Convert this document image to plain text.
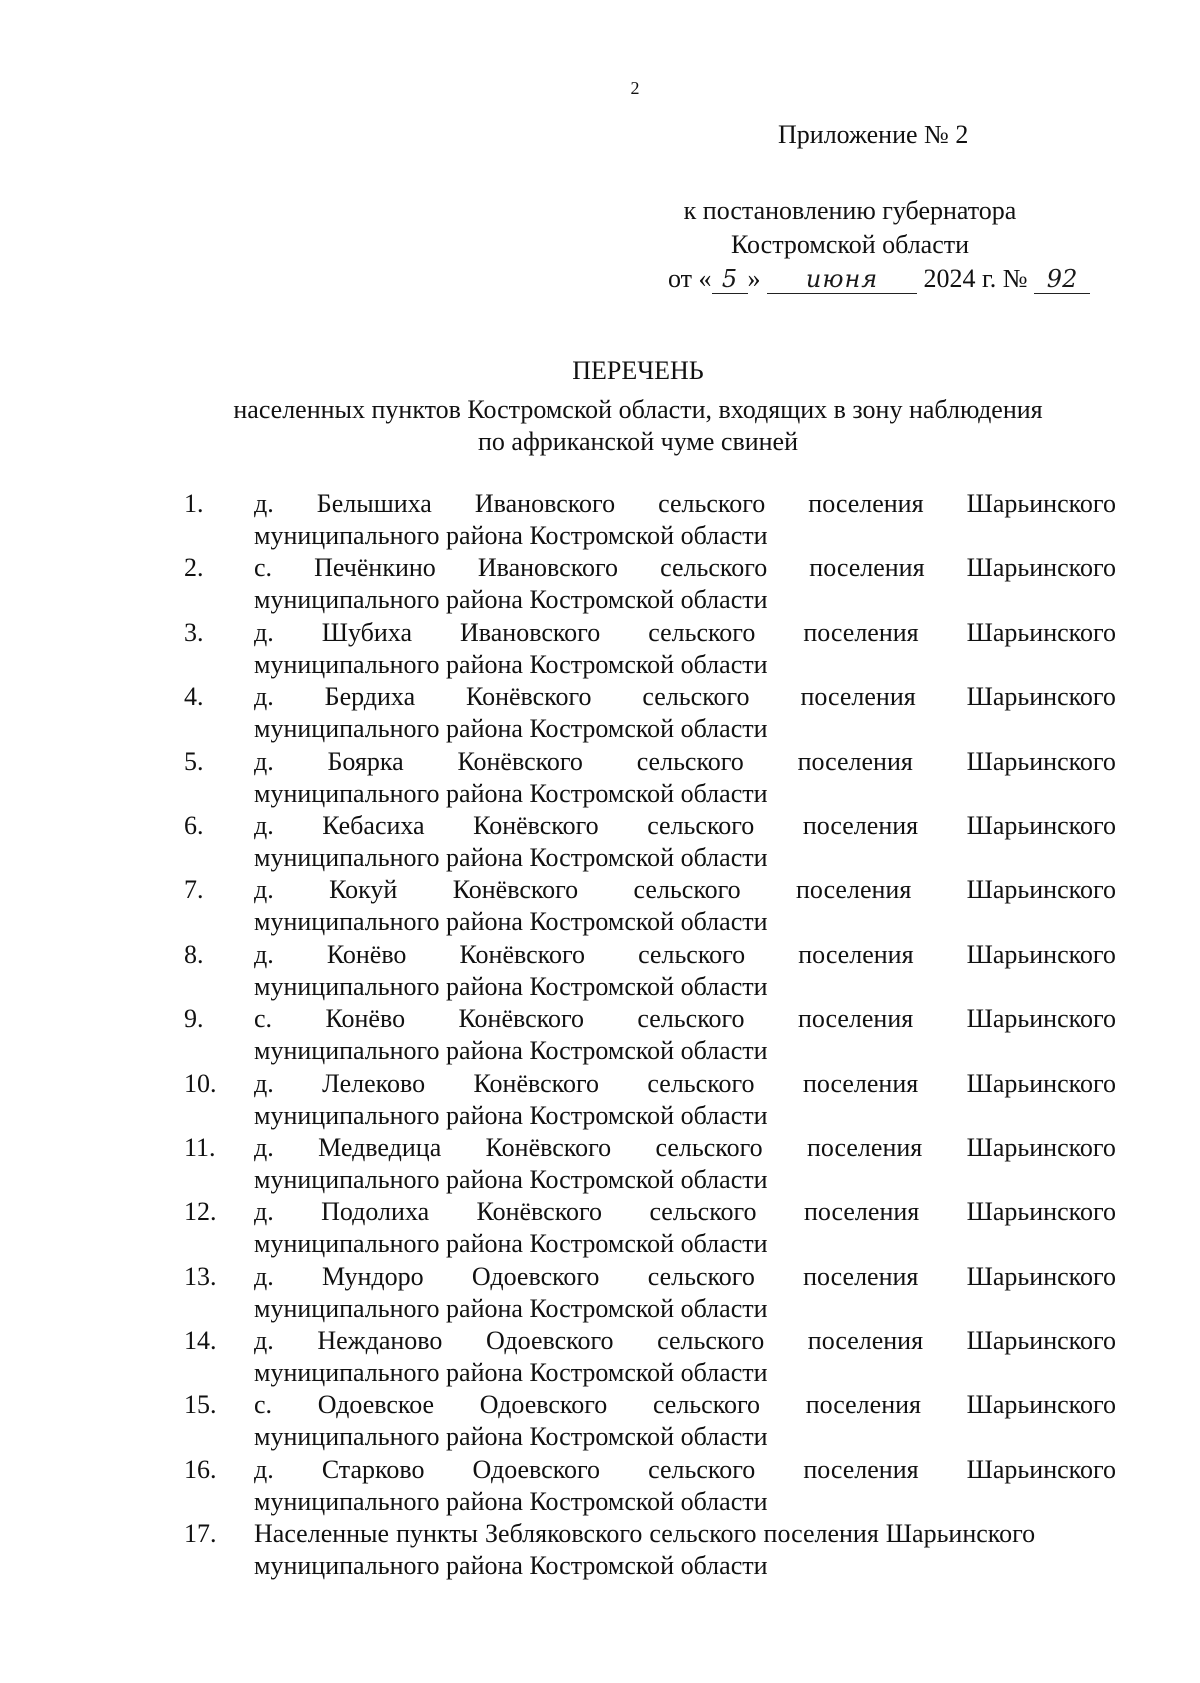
2
Приложение № 2
к постановлению губернатора
Костромской области
от « 5 » июня 2024 г. № 92
ПЕРЕЧЕНЬ
населенных пунктов Костромской области, входящих в зону наблюдения
по африканской чуме свиней
1. д. Белышиха Ивановского сельского поселения Шарьинского
муниципального района Костромской области
2. с. Печёнкино Ивановского сельского поселения Шарьинского
муниципального района Костромской области
3. д. Шубиха Ивановского сельского поселения Шарьинского
муниципального района Костромской области
4. д. Бердиха Конёвского сельского поселения Шарьинского
муниципального района Костромской области
5. д. Боярка Конёвского сельского поселения Шарьинского
муниципального района Костромской области
6. д. Кебасиха Конёвского сельского поселения Шарьинского
муниципального района Костромской области
7. д. Кокуй Конёвского сельского поселения Шарьинского
муниципального района Костромской области
8. д. Конёво Конёвского сельского поселения Шарьинского
муниципального района Костромской области
9. с. Конёво Конёвского сельского поселения Шарьинского
муниципального района Костромской области
10. д. Лелеково Конёвского сельского поселения Шарьинского
муниципального района Костромской области
11. д. Медведица Конёвского сельского поселения Шарьинского
муниципального района Костромской области
12. д. Подолиха Конёвского сельского поселения Шарьинского
муниципального района Костромской области
13. д. Мундоро Одоевского сельского поселения Шарьинского
муниципального района Костромской области
14. д. Нежданово Одоевского сельского поселения Шарьинского
муниципального района Костромской области
15. с. Одоевское Одоевского сельского поселения Шарьинского
муниципального района Костромской области
16. д. Старково Одоевского сельского поселения Шарьинского
муниципального района Костромской области
17. Населенные пункты Зебляковского сельского поселения Шарьинского
муниципального района Костромской области
